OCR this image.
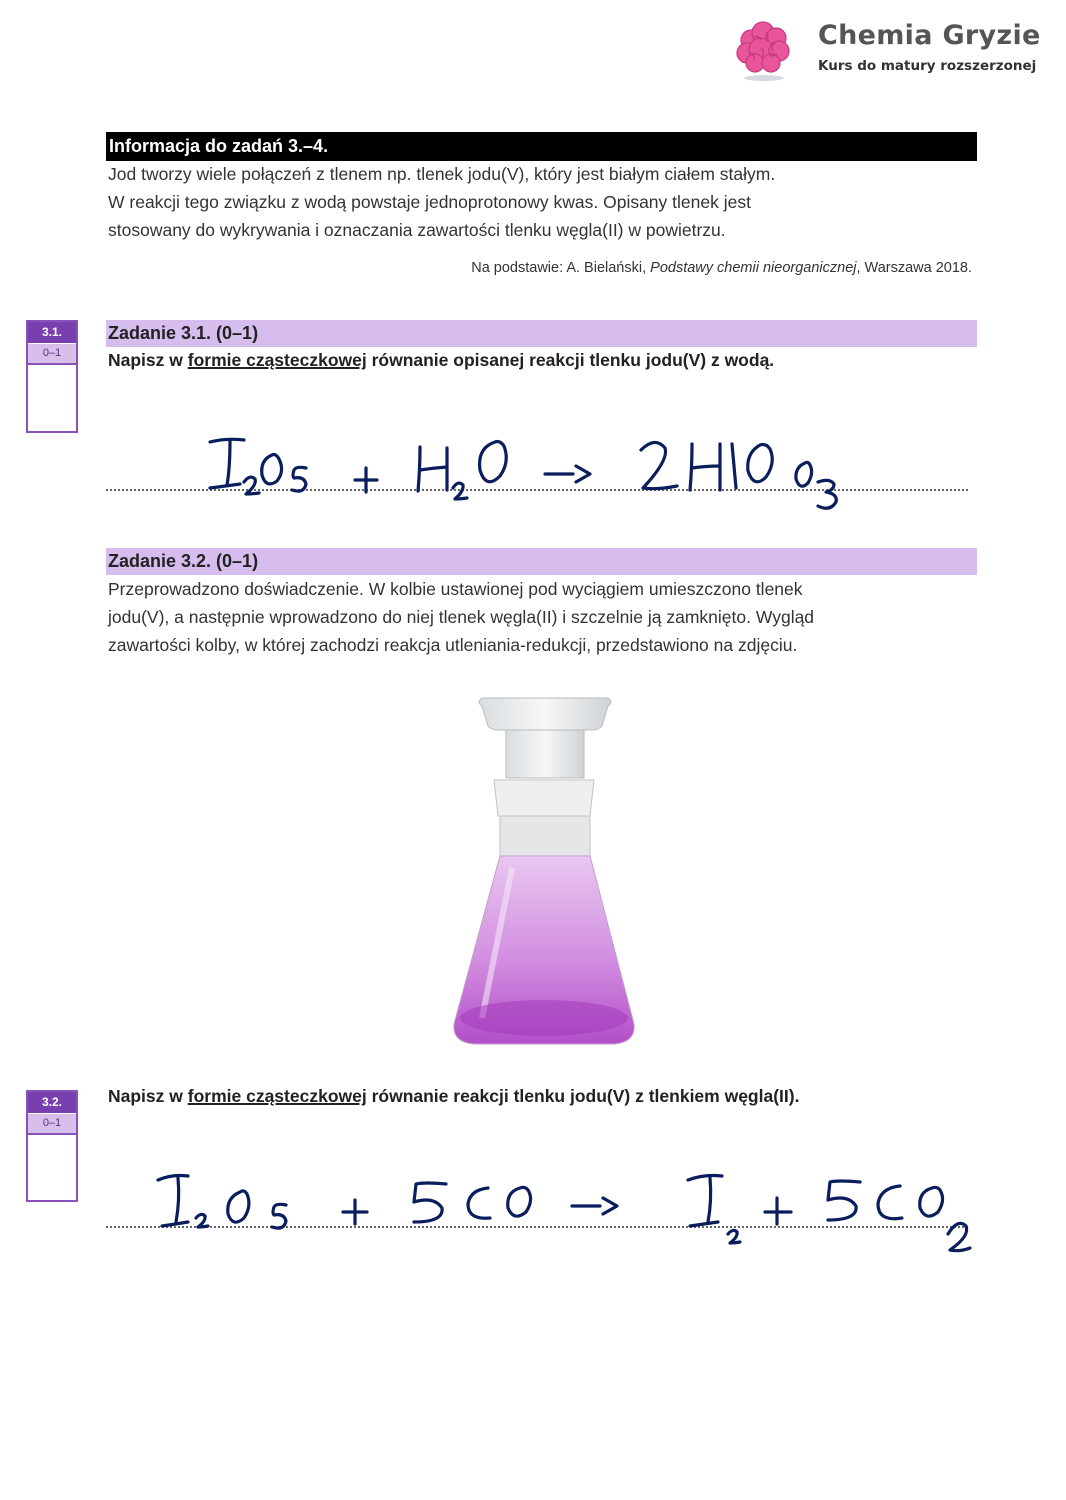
Chemia Gryzie
Kurs do matury rozszerzonej
Informacja do zadań 3.–4.
Jod tworzy wiele połączeń z tlenem np. tlenek jodu(V), który jest białym ciałem stałym.
W reakcji tego związku z wodą powstaje jednoprotonowy kwas. Opisany tlenek jest
stosowany do wykrywania i oznaczania zawartości tlenku węgla(II) w powietrzu.
Na podstawie: A. Bielański, Podstawy chemii nieorganicznej, Warszawa 2018.
3.1.
0–1
Zadanie 3.1. (0–1)
Napisz w formie cząsteczkowej równanie opisanej reakcji tlenku jodu(V) z wodą.
Zadanie 3.2. (0–1)
Przeprowadzono doświadczenie. W kolbie ustawionej pod wyciągiem umieszczono tlenek
jodu(V), a następnie wprowadzono do niej tlenek węgla(II) i szczelnie ją zamknięto. Wygląd
zawartości kolby, w której zachodzi reakcja utleniania-redukcji, przedstawiono na zdjęciu.
3.2.
0–1
Napisz w formie cząsteczkowej równanie reakcji tlenku jodu(V) z tlenkiem węgla(II).
